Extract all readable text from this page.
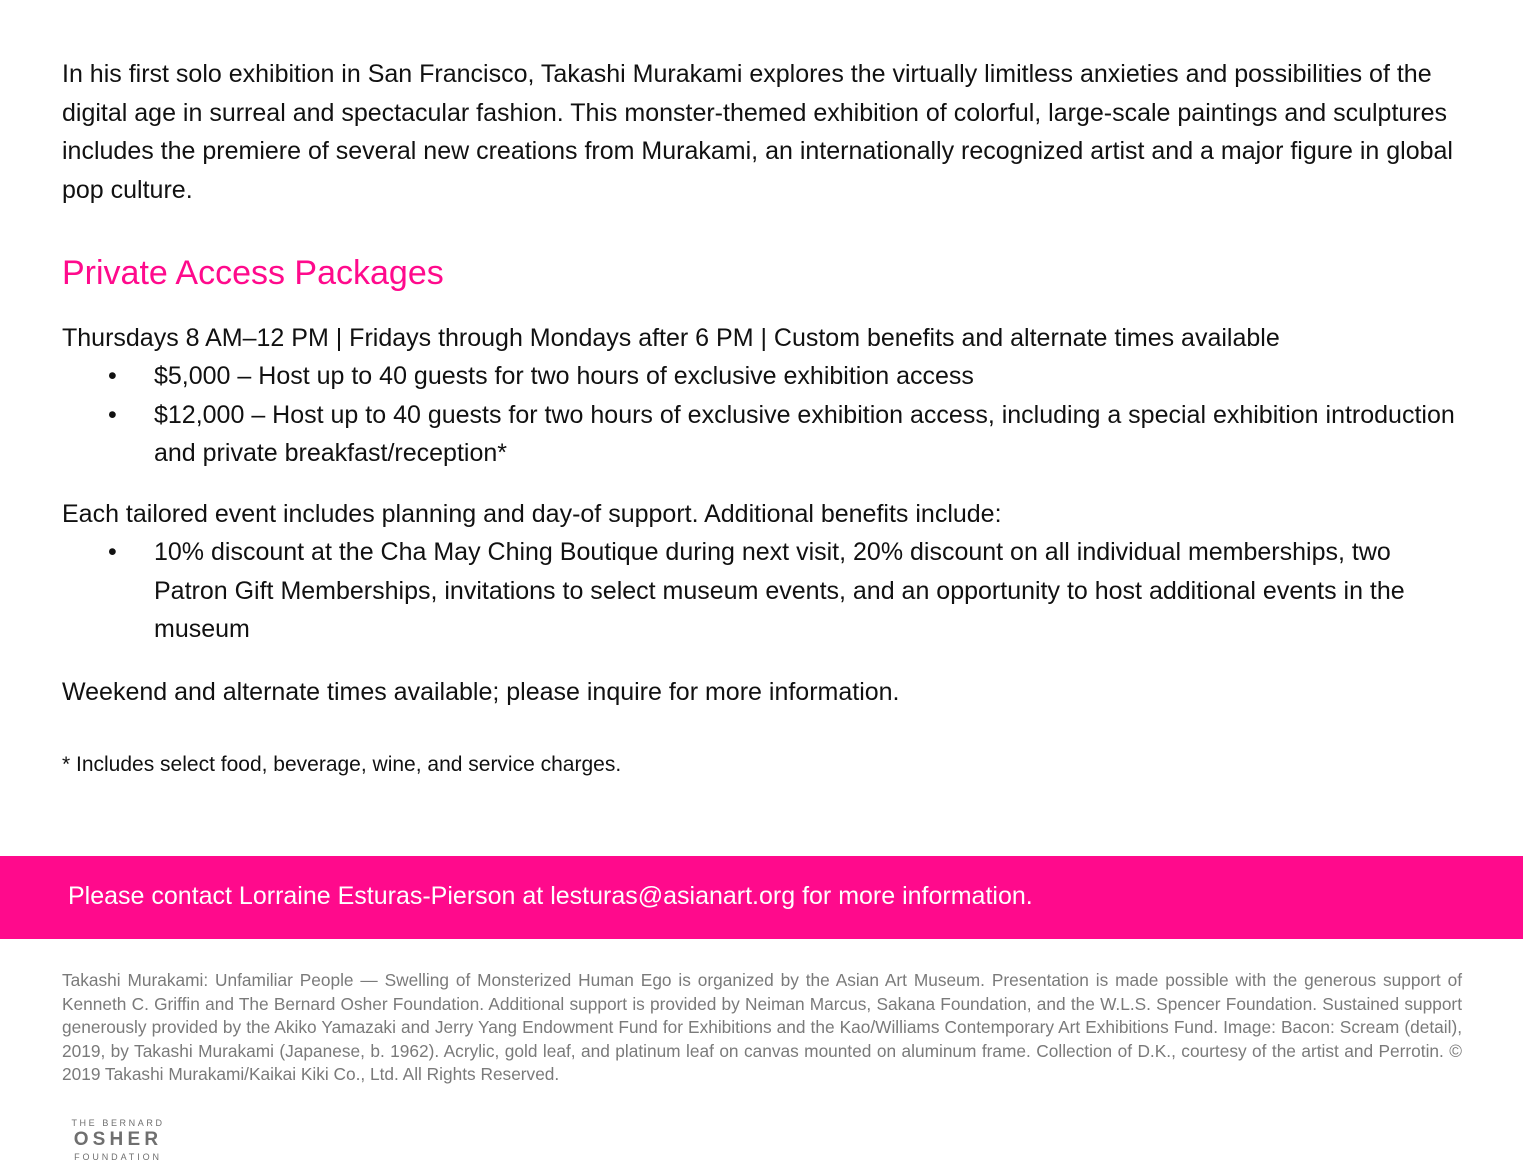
In his first solo exhibition in San Francisco, Takashi Murakami explores the virtually limitless anxieties and possibilities of the digital age in surreal and spectacular fashion. This monster-themed exhibition of colorful, large-scale paintings and sculptures includes the premiere of several new creations from Murakami, an internationally recognized artist and a major figure in global pop culture.

Private Access Packages

Thursdays 8 AM–12 PM | Fridays through Mondays after 6 PM | Custom benefits and alternate times available

• $5,000 – Host up to 40 guests for two hours of exclusive exhibition access
• $12,000 – Host up to 40 guests for two hours of exclusive exhibition access, including a special exhibition introduction and private breakfast/reception*

Each tailored event includes planning and day-of support. Additional benefits include:

• 10% discount at the Cha May Ching Boutique during next visit, 20% discount on all individual memberships, two Patron Gift Memberships, invitations to select museum events, and an opportunity to host additional events in the museum

Weekend and alternate times available; please inquire for more information.

* Includes select food, beverage, wine, and service charges.

Please contact Lorraine Esturas-Pierson at lesturas@asianart.org for more information.

Takashi Murakami: Unfamiliar People — Swelling of Monsterized Human Ego is organized by the Asian Art Museum. Presentation is made possible with the generous support of Kenneth C. Griffin and The Bernard Osher Foundation. Additional support is provided by Neiman Marcus, Sakana Foundation, and the W.L.S. Spencer Foundation. Sustained support generously provided by the Akiko Yamazaki and Jerry Yang Endowment Fund for Exhibitions and the Kao/Williams Contemporary Art Exhibitions Fund. Image: Bacon: Scream (detail), 2019, by Takashi Murakami (Japanese, b. 1962). Acrylic, gold leaf, and platinum leaf on canvas mounted on aluminum frame. Collection of D.K., courtesy of the artist and Perrotin. © 2019 Takashi Murakami/Kaikai Kiki Co., Ltd. All Rights Reserved.

THE BERNARD
OSHER
FOUNDATION
